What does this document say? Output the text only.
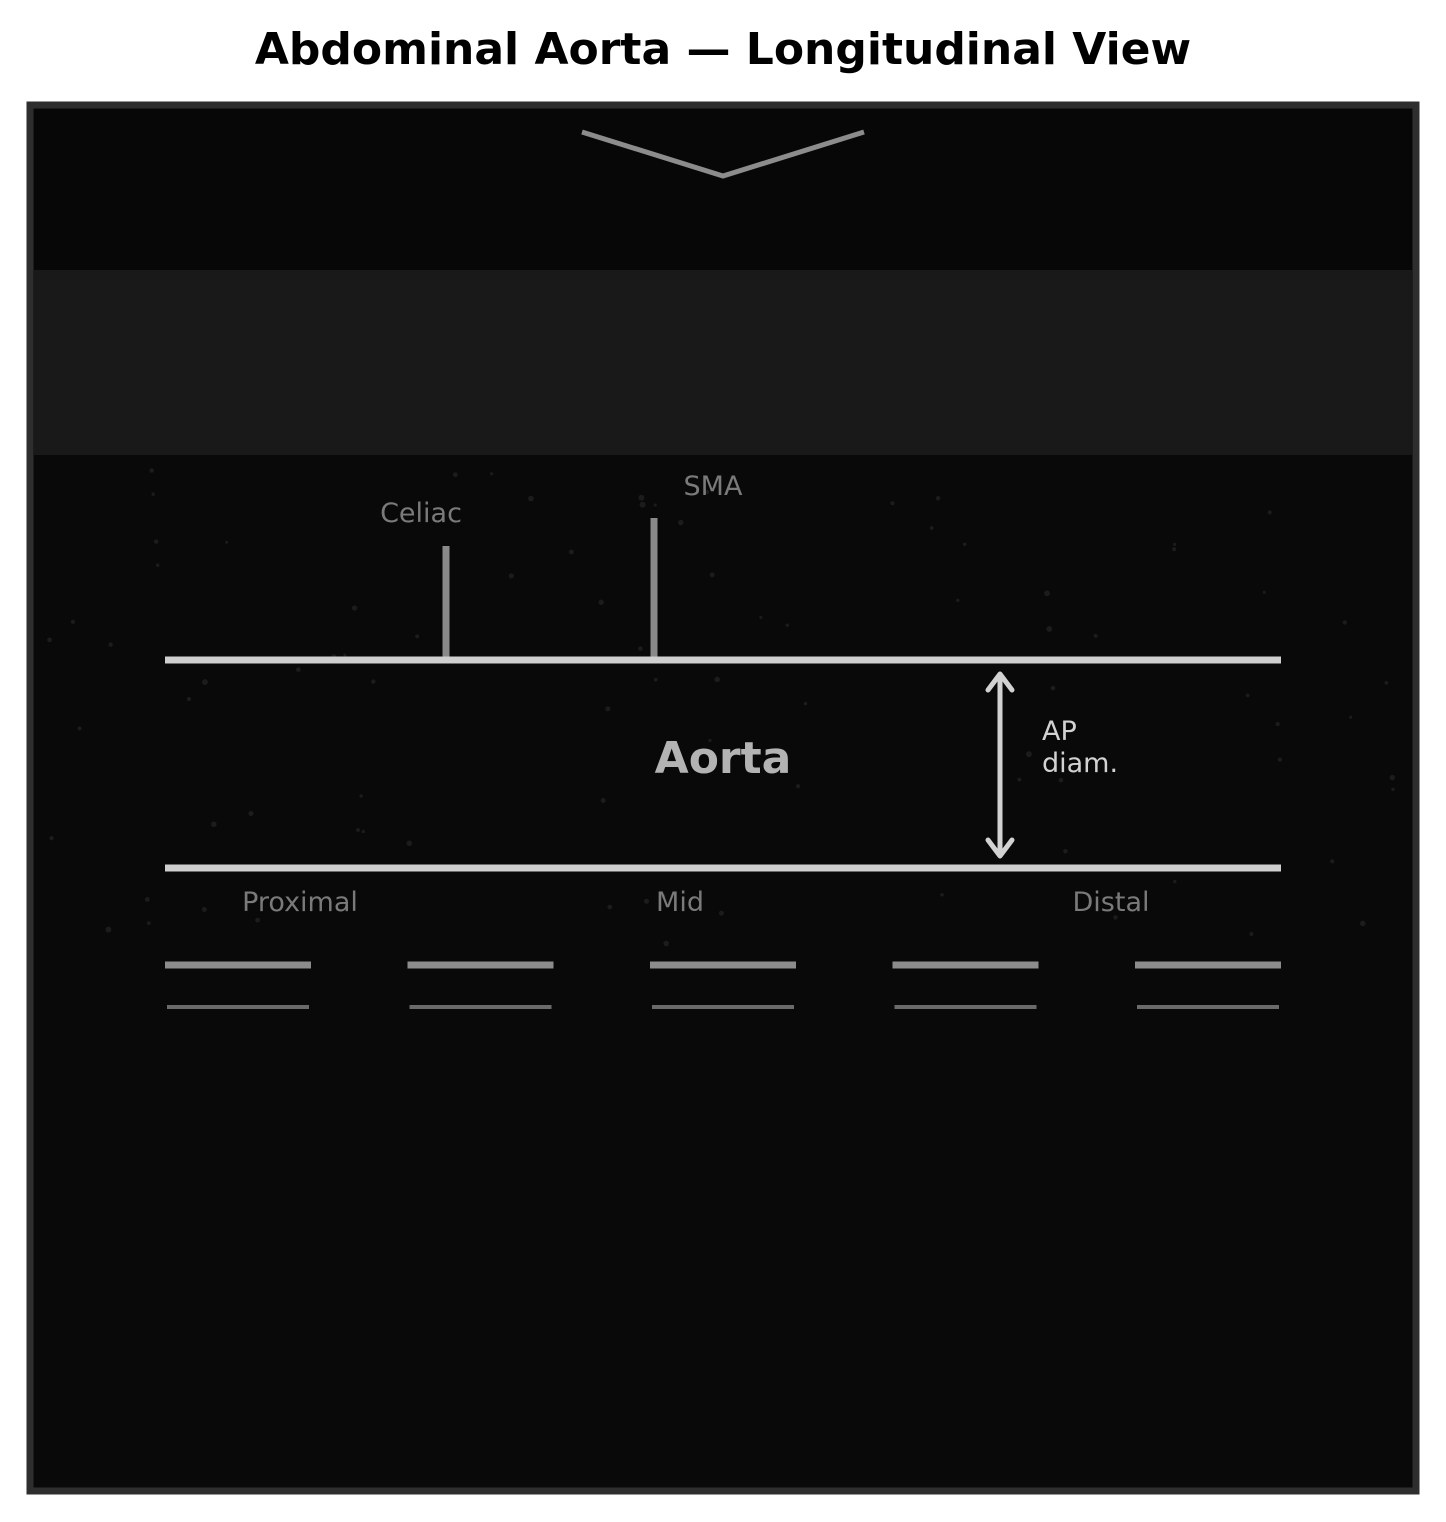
Abdominal Aorta — Longitudinal View
Celiac
SMA
Aorta
AP
diam.
Proximal	Mid	Distal
